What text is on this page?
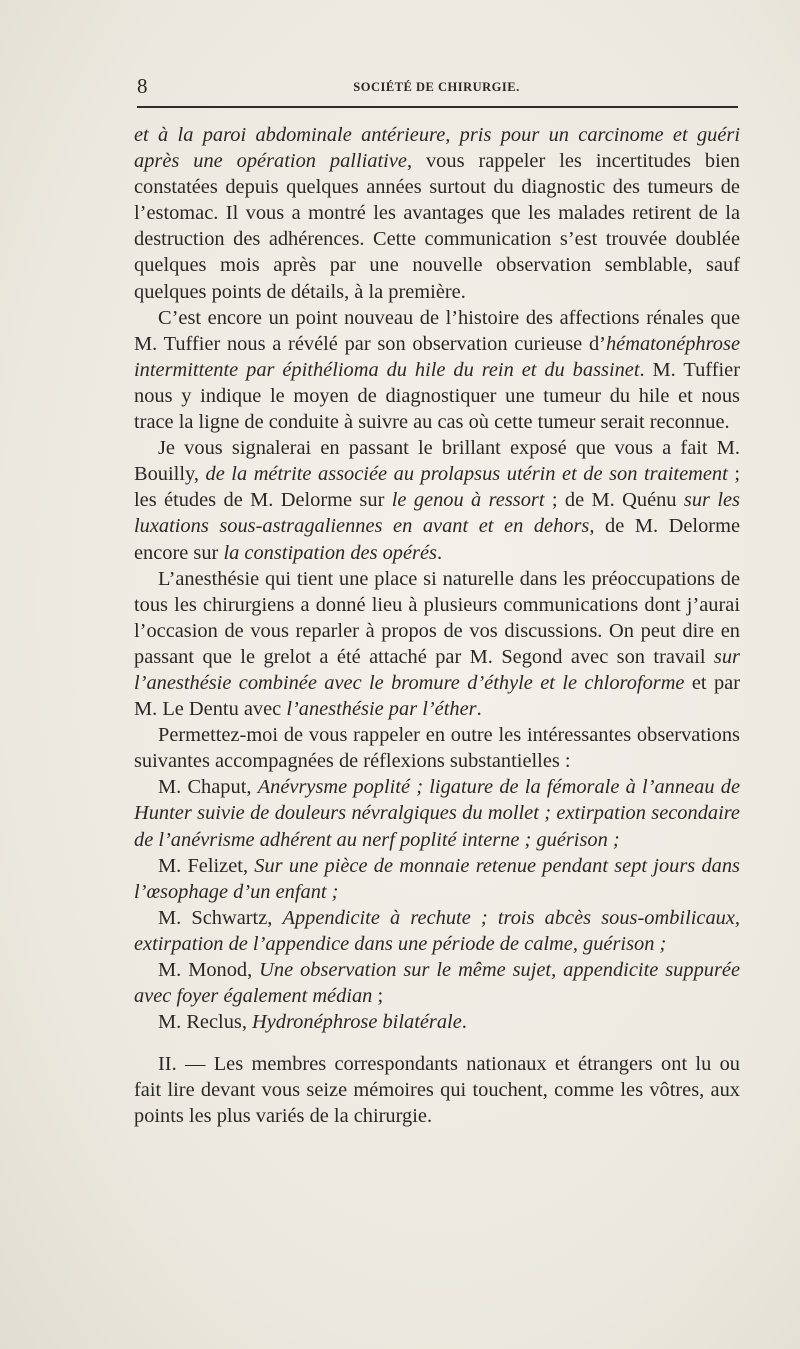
8	SOCIÉTÉ DE CHIRURGIE.

et à la paroi abdominale antérieure, pris pour un carcinome et guéri après une opération palliative, vous rappeler les incertitudes bien constatées depuis quelques années surtout du diagnostic des tumeurs de l’estomac. Il vous a montré les avantages que les malades retirent de la destruction des adhérences. Cette communication s’est trouvée doublée quelques mois après par une nouvelle observation semblable, sauf quelques points de détails, à la première.

C’est encore un point nouveau de l’histoire des affections rénales que M. Tuffier nous a révélé par son observation curieuse d’hématonéphrose intermittente par épithélioma du hile du rein et du bassinet. M. Tuffier nous y indique le moyen de diagnostiquer une tumeur du hile et nous trace la ligne de conduite à suivre au cas où cette tumeur serait reconnue.

Je vous signalerai en passant le brillant exposé que vous a fait M. Bouilly, de la métrite associée au prolapsus utérin et de son traitement ; les études de M. Delorme sur le genou à ressort ; de M. Quénu sur les luxations sous-astragaliennes en avant et en dehors, de M. Delorme encore sur la constipation des opérés.

L’anesthésie qui tient une place si naturelle dans les préoccupations de tous les chirurgiens a donné lieu à plusieurs communications dont j’aurai l’occasion de vous reparler à propos de vos discussions. On peut dire en passant que le grelot a été attaché par M. Segond avec son travail sur l’anesthésie combinée avec le bromure d’éthyle et le chloroforme et par M. Le Dentu avec l’anesthésie par l’éther.

Permettez-moi de vous rappeler en outre les intéressantes observations suivantes accompagnées de réflexions substantielles :

M. Chaput, Anévrysme poplité ; ligature de la fémorale à l’anneau de Hunter suivie de douleurs névralgiques du mollet ; extirpation secondaire de l’anévrisme adhérent au nerf poplité interne ; guérison ;

M. Felizet, Sur une pièce de monnaie retenue pendant sept jours dans l’œsophage d’un enfant ;

M. Schwartz, Appendicite à rechute ; trois abcès sous-ombilicaux, extirpation de l’appendice dans une période de calme, guérison ;

M. Monod, Une observation sur le même sujet, appendicite suppurée avec foyer également médian ;

M. Reclus, Hydronéphrose bilatérale.

II. — Les membres correspondants nationaux et étrangers ont lu ou fait lire devant vous seize mémoires qui touchent, comme les vôtres, aux points les plus variés de la chirurgie.
